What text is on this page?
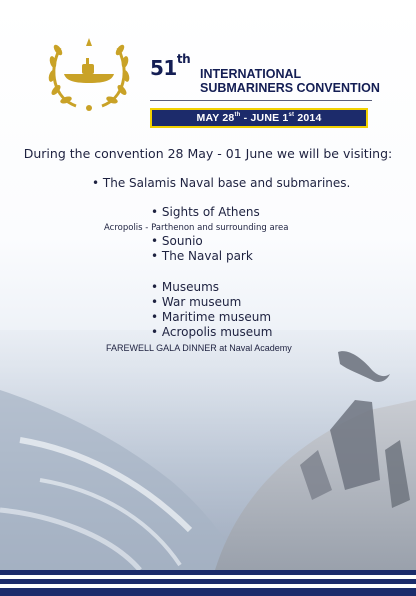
51th
INTERNATIONAL
SUBMARINERS CONVENTION
MAY 28th - JUNE 1st 2014
During the convention 28 May - 01 June we will be visiting:
• The Salamis Naval base and submarines.
• Sights of Athens
Acropolis - Parthenon and surrounding area
• Sounio
• The Naval park
• Museums
• War museum
• Maritime museum
• Acropolis museum
FAREWELL GALA DINNER at Naval Academy
